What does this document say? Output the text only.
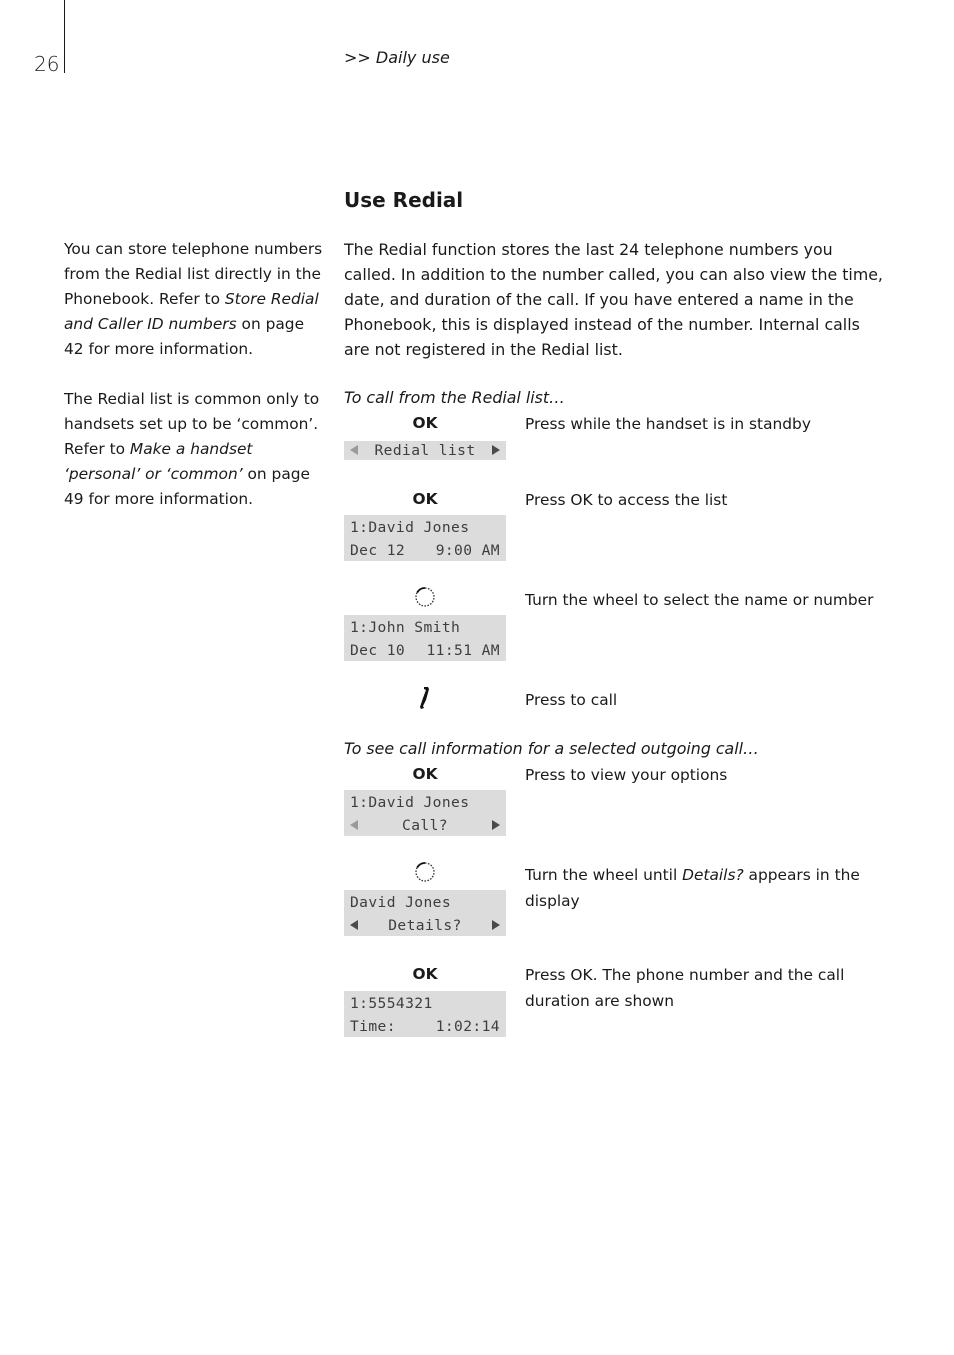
26	>> Daily use
You can store telephone numbers from the Redial list directly in the Phonebook. Refer to Store Redial and Caller ID numbers on page 42 for more information.
The Redial list is common only to handsets set up to be ‘common’. Refer to Make a handset ‘personal’ or ‘common’ on page 49 for more information.
Use Redial
The Redial function stores the last 24 telephone numbers you called. In addition to the number called, you can also view the time, date, and duration of the call. If you have entered a name in the Phonebook, this is displayed instead of the number. Internal calls are not registered in the Redial list.
To call from the Redial list…
OK	Press while the handset is in standby
Redial list
OK	Press OK to access the list
1:David Jones
Dec 12 9:00 AM
Turn the wheel to select the name or number
1:John Smith
Dec 10 11:51 AM
Press to call
To see call information for a selected outgoing call…
OK	Press to view your options
1:David Jones
Call?
Turn the wheel until Details? appears in the display
David Jones
Details?
OK	Press OK. The phone number and the call duration are shown
1:5554321
Time:	1:02:14
